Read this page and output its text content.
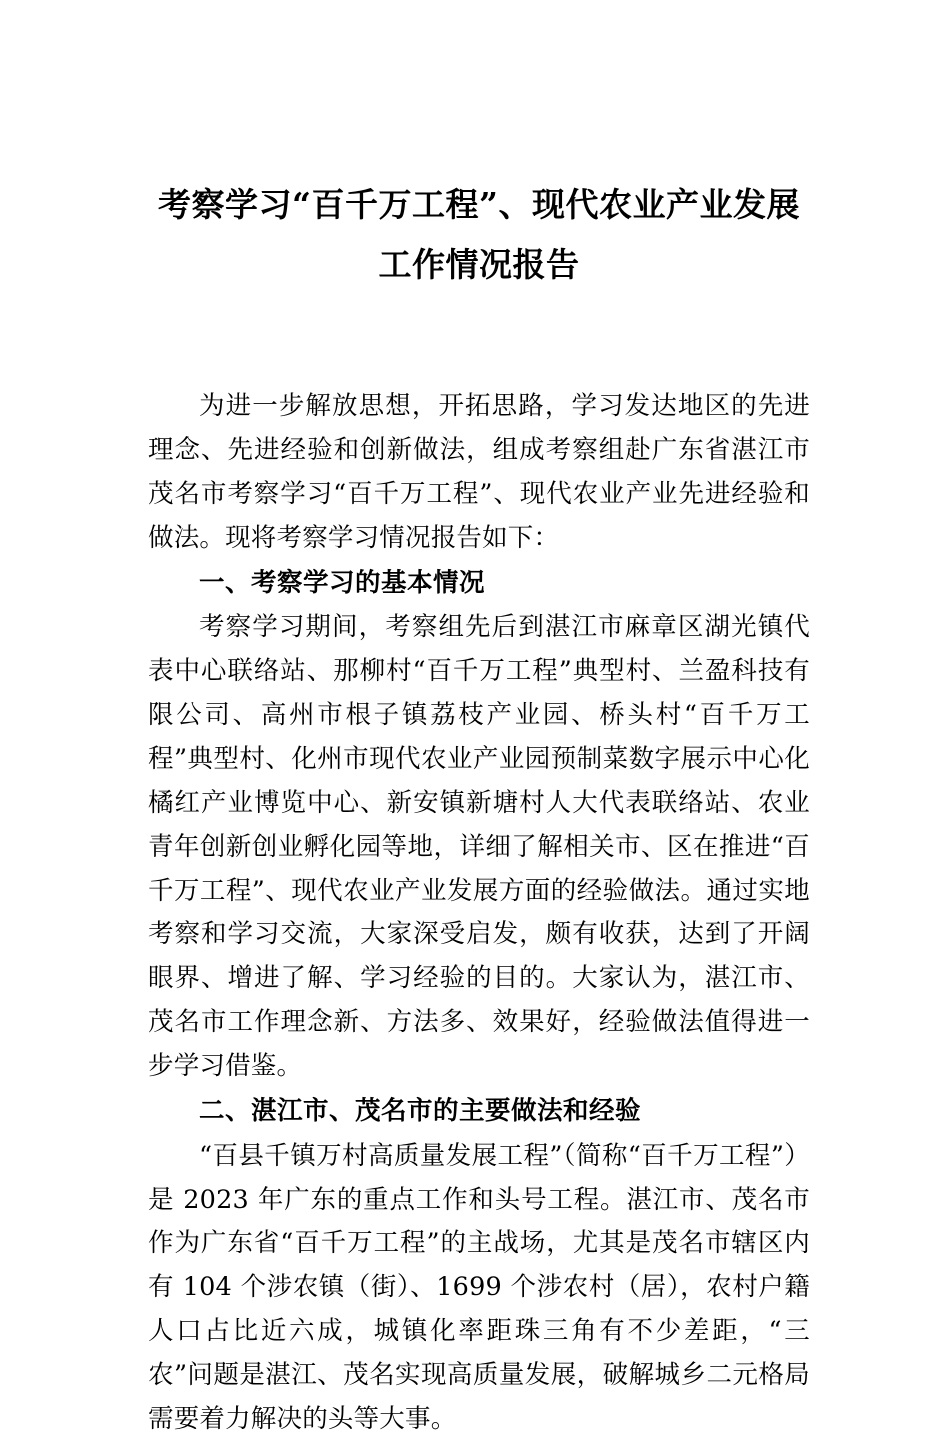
考察学习“百千万工程”、现代农业产业发展工作情况报告

为进一步解放思想，开拓思路，学习发达地区的先进理念、先进经验和创新做法，组成考察组赴广东省湛江市茂名市考察学习“百千万工程”、现代农业产业先进经验和做法。现将考察学习情况报告如下：

一、考察学习的基本情况

考察学习期间，考察组先后到湛江市麻章区湖光镇代表中心联络站、那柳村“百千万工程”典型村、兰盈科技有限公司、高州市根子镇荔枝产业园、桥头村“百千万工程”典型村、化州市现代农业产业园预制菜数字展示中心化橘红产业博览中心、新安镇新塘村人大代表联络站、农业青年创新创业孵化园等地，详细了解相关市、区在推进“百千万工程”、现代农业产业发展方面的经验做法。通过实地考察和学习交流，大家深受启发，颇有收获，达到了开阔眼界、增进了解、学习经验的目的。大家认为，湛江市、茂名市工作理念新、方法多、效果好，经验做法值得进一步学习借鉴。

二、湛江市、茂名市的主要做法和经验

“百县千镇万村高质量发展工程”（简称“百千万工程”）是 2023 年广东的重点工作和头号工程。湛江市、茂名市作为广东省“百千万工程”的主战场，尤其是茂名市辖区内有 104 个涉农镇（街）、1699 个涉农村（居），农村户籍人口占比近六成，城镇化率距珠三角有不少差距，“三农”问题是湛江、茂名实现高质量发展，破解城乡二元格局需要着力解决的头等大事。
